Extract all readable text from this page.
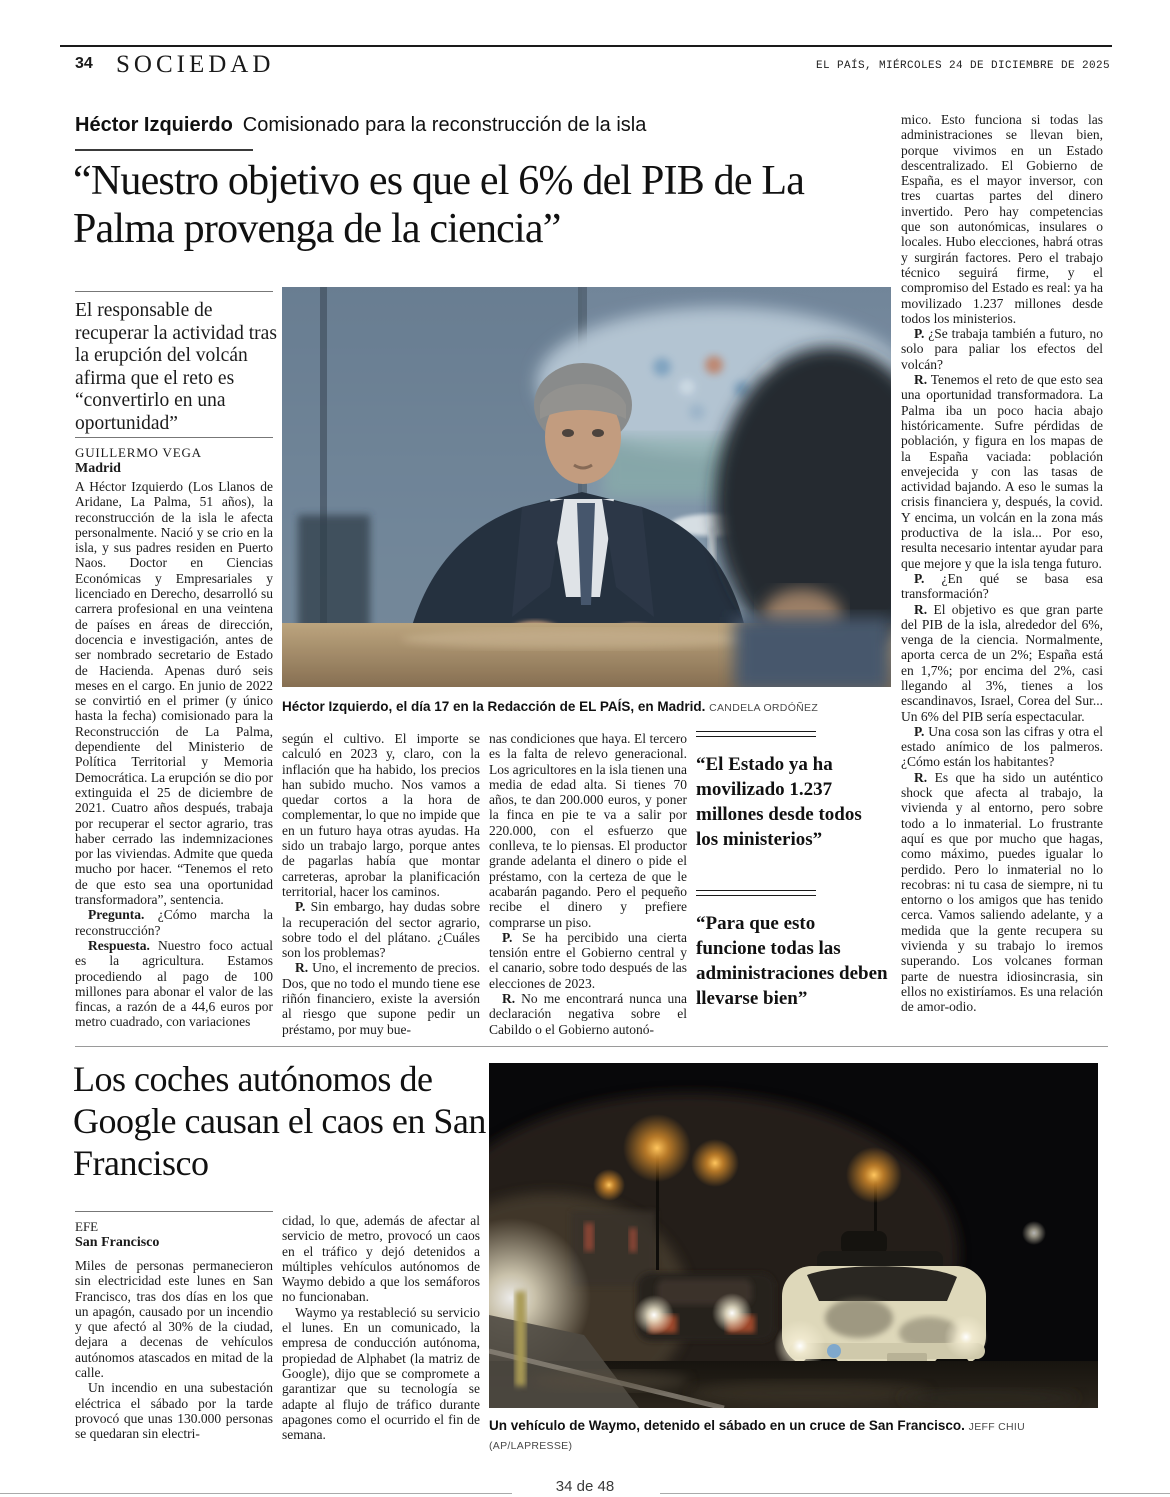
34 SOCIEDAD	EL PAÍS, MIÉRCOLES 24 DE DICIEMBRE DE 2025
Héctor Izquierdo Comisionado para la reconstrucción de la isla
“Nuestro objetivo es que el 6% del PIB de La Palma provenga de la ciencia”
El responsable de recuperar la actividad tras la erupción del volcán afirma que el reto es “convertirlo en una oportunidad”
GUILLERMO VEGA
Madrid

A Héctor Izquierdo (Los Llanos de Aridane, La Palma, 51 años), la reconstrucción de la isla le afecta personalmente. Nació y se crio en la isla, y sus padres residen en Puerto Naos. Doctor en Ciencias Económicas y Empresariales y licenciado en Derecho, desarrolló su carrera profesional en una veintena de países en áreas de dirección, docencia e investigación, antes de ser nombrado secretario de Estado de Hacienda. Apenas duró seis meses en el cargo. En junio de 2022 se convirtió en el primer (y único hasta la fecha) comisionado para la Reconstrucción de La Palma, dependiente del Ministerio de Política Territorial y Memoria Democrática. La erupción se dio por extinguida el 25 de diciembre de 2021. Cuatro años después, trabaja por recuperar el sector agrario, tras haber cerrado las indemnizaciones por las viviendas. Admite que queda mucho por hacer. “Tenemos el reto de que esto sea una oportunidad transformadora”, sentencia.

Pregunta. ¿Cómo marcha la reconstrucción?

Respuesta. Nuestro foco actual es la agricultura. Estamos procediendo al pago de 100 millones para abonar el valor de las fincas, a razón de a 44,6 euros por metro cuadrado, con variaciones

Héctor Izquierdo, el día 17 en la Redacción de EL PAÍS, en Madrid. CANDELA ORDÓÑEZ

según el cultivo. El importe se calculó en 2023 y, claro, con la inflación que ha habido, los precios han subido mucho. Nos vamos a quedar cortos a la hora de complementar, lo que no impide que en un futuro haya otras ayudas. Ha sido un trabajo largo, porque antes de pagarlas había que montar carreteras, aprobar la planificación territorial, hacer los caminos.

P. Sin embargo, hay dudas sobre la recuperación del sector agrario, sobre todo el del plátano. ¿Cuáles son los problemas?

R. Uno, el incremento de precios. Dos, que no todo el mundo tiene ese riñón financiero, existe la aversión al riesgo que supone pedir un préstamo, por muy bue-

nas condiciones que haya. El tercero es la falta de relevo generacional. Los agricultores en la isla tienen una media de edad alta. Si tienes 70 años, te dan 200.000 euros, y poner la finca en pie te va a salir por 220.000, con el esfuerzo que conlleva, te lo piensas. El productor grande adelanta el dinero o pide el préstamo, con la certeza de que le acabarán pagando. Pero el pequeño recibe el dinero y prefiere comprarse un piso.

P. Se ha percibido una cierta tensión entre el Gobierno central y el canario, sobre todo después de las elecciones de 2023.

R. No me encontrará nunca una declaración negativa sobre el Cabildo o el Gobierno autonó-

“El Estado ya ha movilizado 1.237 millones desde todos los ministerios”

“Para que esto funcione todas las administraciones deben llevarse bien”

mico. Esto funciona si todas las administraciones se llevan bien, porque vivimos en un Estado descentralizado. El Gobierno de España, es el mayor inversor, con tres cuartas partes del dinero invertido. Pero hay competencias que son autonómicas, insulares o locales. Hubo elecciones, habrá otras y surgirán factores. Pero el trabajo técnico seguirá firme, y el compromiso del Estado es real: ya ha movilizado 1.237 millones desde todos los ministerios.

P. ¿Se trabaja también a futuro, no solo para paliar los efectos del volcán?

R. Tenemos el reto de que esto sea una oportunidad transformadora. La Palma iba un poco hacia abajo históricamente. Sufre pérdidas de población, y figura en los mapas de la España vaciada: población envejecida y con las tasas de actividad bajando. A eso le sumas la crisis financiera y, después, la covid. Y encima, un volcán en la zona más productiva de la isla... Por eso, resulta necesario intentar ayudar para que mejore y que la isla tenga futuro.

P. ¿En qué se basa esa transformación?

R. El objetivo es que gran parte del PIB de la isla, alrededor del 6%, venga de la ciencia. Normalmente, aporta cerca de un 2%; España está en 1,7%; por encima del 2%, casi llegando al 3%, tienes a los escandinavos, Israel, Corea del Sur... Un 6% del PIB sería espectacular.

P. Una cosa son las cifras y otra el estado anímico de los palmeros. ¿Cómo están los habitantes?

R. Es que ha sido un auténtico shock que afecta al trabajo, la vivienda y al entorno, pero sobre todo a lo inmaterial. Lo frustrante aquí es que por mucho que hagas, como máximo, puedes igualar lo perdido. Pero lo inmaterial no lo recobras: ni tu casa de siempre, ni tu entorno o los amigos que has tenido cerca. Vamos saliendo adelante, y a medida que la gente recupera su vivienda y su trabajo lo iremos superando. Los volcanes forman parte de nuestra idiosincrasia, sin ellos no existiríamos. Es una relación de amor-odio.

Los coches autónomos de Google causan el caos en San Francisco
EFE
San Francisco

Miles de personas permanecieron sin electricidad este lunes en San Francisco, tras dos días en los que un apagón, causado por un incendio y que afectó al 30% de la ciudad, dejara a decenas de vehículos autónomos atascados en mitad de la calle.

Un incendio en una subestación eléctrica el sábado por la tarde provocó que unas 130.000 personas se quedaran sin electri-

cidad, lo que, además de afectar al servicio de metro, provocó un caos en el tráfico y dejó detenidos a múltiples vehículos autónomos de Waymo debido a que los semáforos no funcionaban.

Waymo ya restableció su servicio el lunes. En un comunicado, la empresa de conducción autónoma, propiedad de Alphabet (la matriz de Google), dijo que se compromete a garantizar que su tecnología se adapte al flujo de tráfico durante apagones como el ocurrido el fin de semana.

Un vehículo de Waymo, detenido el sábado en un cruce de San Francisco. JEFF CHIU (AP/LAPRESSE)
34 de 48
